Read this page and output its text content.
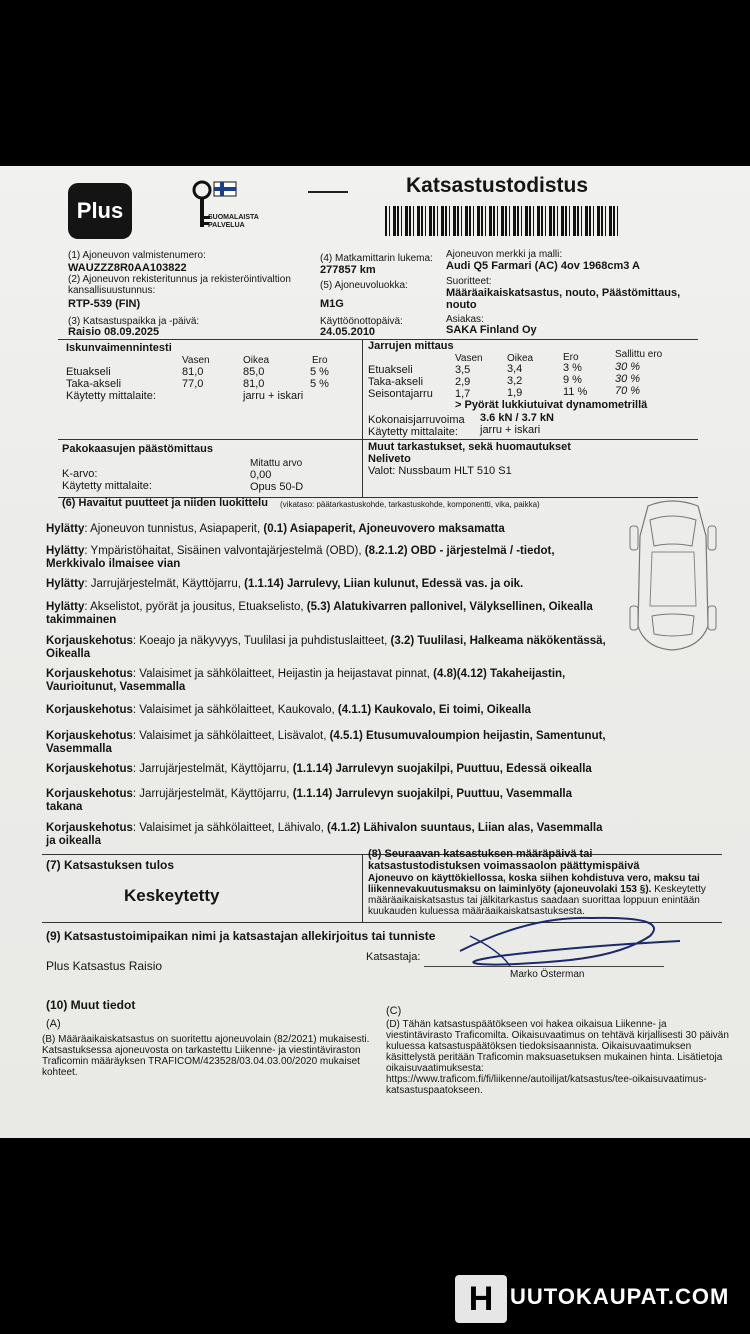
Plus	SUOMALAISTA PALVELUA
Katsastustodistus
(1) Ajoneuvon valmistenumero:
WAUZZZ8R0AA103822
(2) Ajoneuvon rekisteritunnus ja rekisteröintivaltion kansallisuustunnus:
RTP-539 (FIN)
(3) Katsastuspaikka ja -päivä:
Raisio 08.09.2025
(4) Matkamittarin lukema:
277857 km
(5) Ajoneuvoluokka:
M1G
Käyttöönottopäivä:
24.05.2010
Ajoneuvon merkki ja malli:
Audi Q5 Farmari (AC) 4ov 1968cm3 A
Suoritteet:
Määräaikaiskatsastus, nouto, Päästömittaus, nouto
Asiakas:
SAKA Finland Oy
Iskunvaimennintesti
Vasen	Oikea	Ero
Etuakseli	81,0	85,0	5 %
Taka-akseli	77,0	81,0	5 %
Käytetty mittalaite:	jarru + iskari
Jarrujen mittaus
Vasen Oikea	Ero	Sallittu ero
Etuakseli	3,5	3,4	3 %	30 %
Taka-akseli	2,9	3,2	9 %	30 %
Seisontajarru 1,7	1,9	11 %	70 %
> Pyörät lukkiutuivat dynamometrillä
Kokonaisjarruvoima 3.6 kN / 3.7 kN
Käytetty mittalaite: jarru + iskari
Pakokaasujen päästömittaus
Mitattu arvo
K-arvo:	0,00
Käytetty mittalaite:	Opus 50-D
Muut tarkastukset, sekä huomautukset
Neliveto
Valot: Nussbaum HLT 510 S1
(6) Havaitut puutteet ja niiden luokittelu (vikataso: päätarkastuskohde, tarkastuskohde, komponentti, vika, paikka)
Hylätty: Ajoneuvon tunnistus, Asiapaperit, (0.1) Asiapaperit, Ajoneuvovero maksamatta
Hylätty: Ympäristöhaitat, Sisäinen valvontajärjestelmä (OBD), (8.2.1.2) OBD - järjestelmä / -tiedot, Merkkivalo ilmaisee vian
Hylätty: Jarrujärjestelmät, Käyttöjarru, (1.1.14) Jarrulevy, Liian kulunut, Edessä vas. ja oik.
Hylätty: Akselistot, pyörät ja jousitus, Etuakselisto, (5.3) Alatukivarren pallonivel, Välyksellinen, Oikealla takimmainen
Korjauskehotus: Koeajo ja näkyvyys, Tuulilasi ja puhdistuslaitteet, (3.2) Tuulilasi, Halkeama näkökentässä, Oikealla
Korjauskehotus: Valaisimet ja sähkölaitteet, Heijastin ja heijastavat pinnat, (4.8)(4.12) Takaheijastin, Vaurioitunut, Vasemmalla
Korjauskehotus: Valaisimet ja sähkölaitteet, Kaukovalo, (4.1.1) Kaukovalo, Ei toimi, Oikealla
Korjauskehotus: Valaisimet ja sähkölaitteet, Lisävalot, (4.5.1) Etusumuvaloumpion heijastin, Samentunut, Vasemmalla
Korjauskehotus: Jarrujärjestelmät, Käyttöjarru, (1.1.14) Jarrulevyn suojakilpi, Puuttuu, Edessä oikealla
Korjauskehotus: Jarrujärjestelmät, Käyttöjarru, (1.1.14) Jarrulevyn suojakilpi, Puuttuu, Vasemmalla takana
Korjauskehotus: Valaisimet ja sähkölaitteet, Lähivalo, (4.1.2) Lähivalon suuntaus, Liian alas, Vasemmalla ja oikealla
(7) Katsastuksen tulos
Keskeytetty
(8) Seuraavan katsastuksen määräpäivä tai katsastustodistuksen voimassaolon päättymispäivä
Ajoneuvo on käyttökiellossa, koska siihen kohdistuva vero, maksu tai liikennevakuutusmaksu on laiminlyöty (ajoneuvolaki 153 §). Keskeytetty määräaikaiskatsastus tai jälkitarkastus saadaan suorittaa loppuun enintään kuukauden kuluessa määräaikaiskatsastuksesta.
(9) Katsastustoimipaikan nimi ja katsastajan allekirjoitus tai tunniste
Plus Katsastus Raisio
Katsastaja:
Marko Österman
(10) Muut tiedot
(A)
(B) Määräaikaiskatsastus on suoritettu ajoneuvolain (82/2021) mukaisesti. Katsastuksessa ajoneuvosta on tarkastettu Liikenne- ja viestintäviraston Traficomin määräyksen TRAFICOM/423528/03.04.03.00/2020 mukaiset kohteet.
(C)
(D) Tähän katsastuspäätökseen voi hakea oikaisua Liikenne- ja viestintävirasto Traficomilta. Oikaisuvaatimus on tehtävä kirjallisesti 30 päivän kuluessa katsastuspäätöksen tiedoksisaannista. Oikaisuvaatimuksen käsittelystä peritään Traficomin maksuasetuksen mukainen hinta. Lisätietoja oikaisuvaatimuksesta: https://www.traficom.fi/fi/liikenne/autoilijat/katsastus/tee-oikaisuvaatimus-katsastuspaatokseen.
H UUTOKAUPAT.COM
